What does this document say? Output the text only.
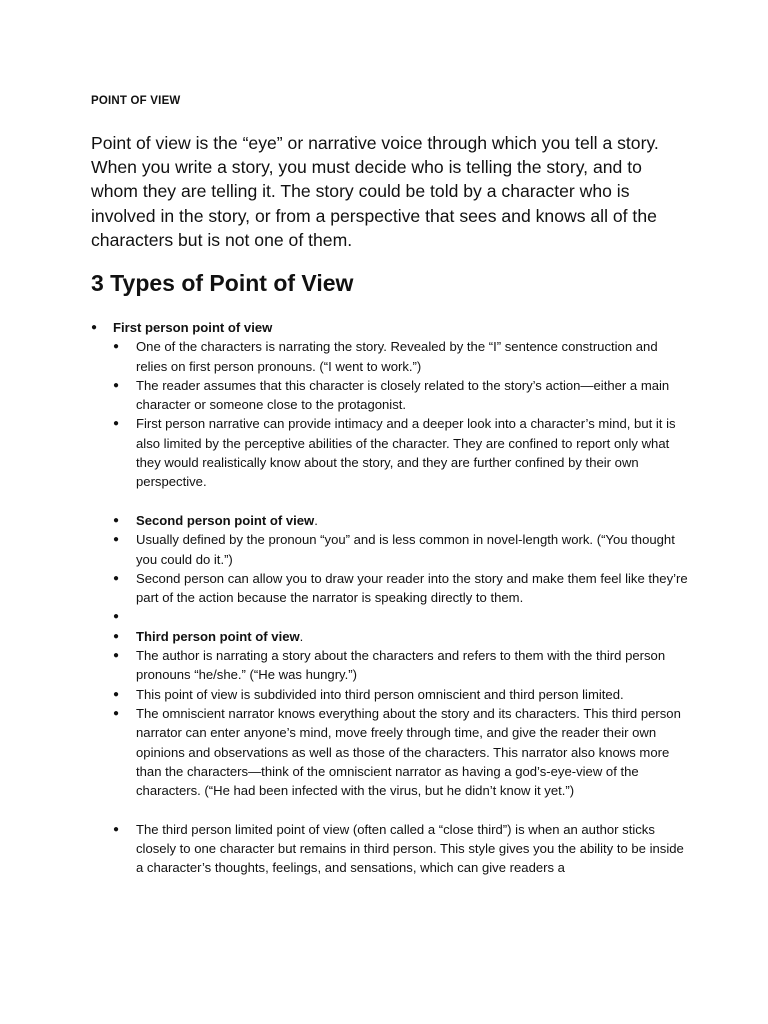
POINT OF VIEW

Point of view is the “eye” or narrative voice through which you tell a story. When you write a story, you must decide who is telling the story, and to whom they are telling it. The story could be told by a character who is involved in the story, or from a perspective that sees and knows all of the characters but is not one of them.

3 Types of Point of View
● First person point of view
● One of the characters is narrating the story. Revealed by the “I” sentence construction and relies on first person pronouns. (“I went to work.”)
● The reader assumes that this character is closely related to the story’s action—either a main character or someone close to the protagonist.
● First person narrative can provide intimacy and a deeper look into a character’s mind, but it is also limited by the perceptive abilities of the character. They are confined to report only what they would realistically know about the story, and they are further confined by their own perspective.
● Second person point of view.
● Usually defined by the pronoun “you” and is less common in novel-length work. (“You thought you could do it.”)
● Second person can allow you to draw your reader into the story and make them feel like they’re part of the action because the narrator is speaking directly to them.
●
● Third person point of view.
● The author is narrating a story about the characters and refers to them with the third person pronouns “he/she.” (“He was hungry.”)
● This point of view is subdivided into third person omniscient and third person limited.
● The omniscient narrator knows everything about the story and its characters. This third person narrator can enter anyone’s mind, move freely through time, and give the reader their own opinions and observations as well as those of the characters. This narrator also knows more than the characters—think of the omniscient narrator as having a god’s-eye-view of the characters. (“He had been infected with the virus, but he didn’t know it yet.”)
● The third person limited point of view (often called a “close third”) is when an author sticks closely to one character but remains in third person. This style gives you the ability to be inside a character’s thoughts, feelings, and sensations, which can give readers a
